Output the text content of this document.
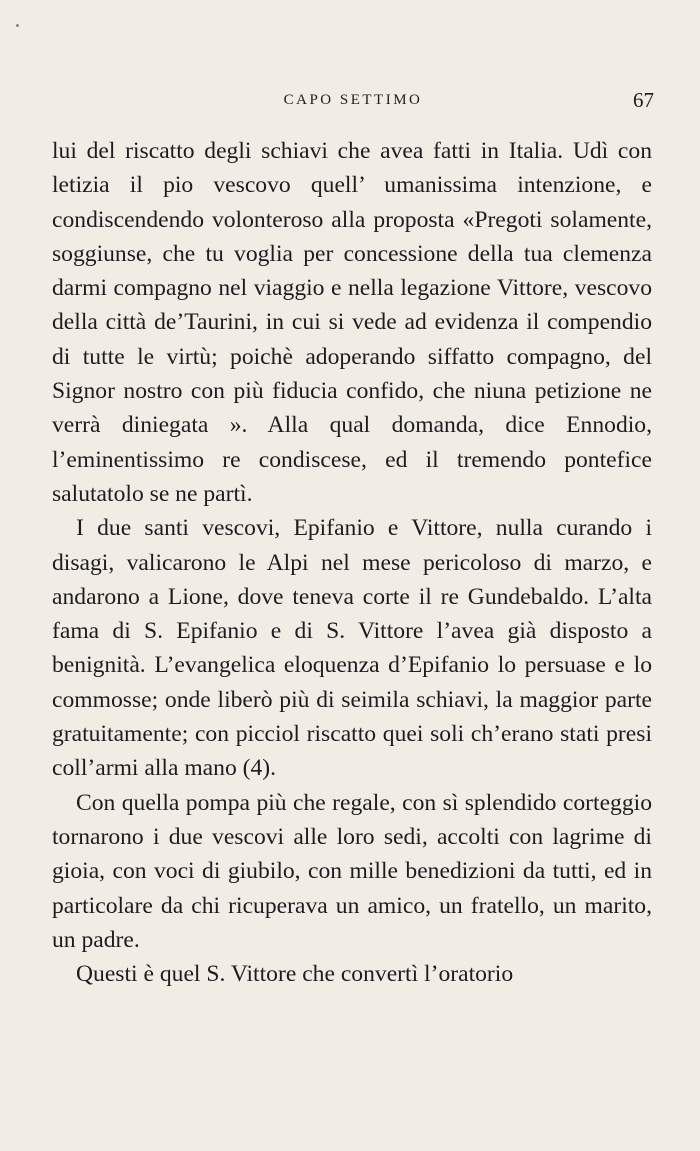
CAPO SETTIMO	67

lui del riscatto degli schiavi che avea fatti in Italia. Udì con letizia il pio vescovo quell’ umanissima intenzione, e condiscendendo volonteroso alla proposta «Pregoti solamente, soggiunse, che tu voglia per concessione della tua clemenza darmi compagno nel viaggio e nella legazione Vittore, vescovo della città de’Taurini, in cui si vede ad evidenza il compendio di tutte le virtù; poichè adoperando siffatto compagno, del Signor nostro con più fiducia confido, che niuna petizione ne verrà diniegata ». Alla qual domanda, dice Ennodio, l’eminentissimo re condiscese, ed il tremendo pontefice salutatolo se ne partì.

I due santi vescovi, Epifanio e Vittore, nulla curando i disagi, valicarono le Alpi nel mese pericoloso di marzo, e andarono a Lione, dove teneva corte il re Gundebaldo. L’alta fama di S. Epifanio e di S. Vittore l’avea già disposto a benignità. L’evangelica eloquenza d’Epifanio lo persuase e lo commosse; onde liberò più di seimila schiavi, la maggior parte gratuitamente; con picciol riscatto quei soli ch’erano stati presi coll’armi alla mano (4).

Con quella pompa più che regale, con sì splendido corteggio tornarono i due vescovi alle loro sedi, accolti con lagrime di gioia, con voci di giubilo, con mille benedizioni da tutti, ed in particolare da chi ricuperava un amico, un fratello, un marito, un padre.

Questi è quel S. Vittore che convertì l’oratorio
